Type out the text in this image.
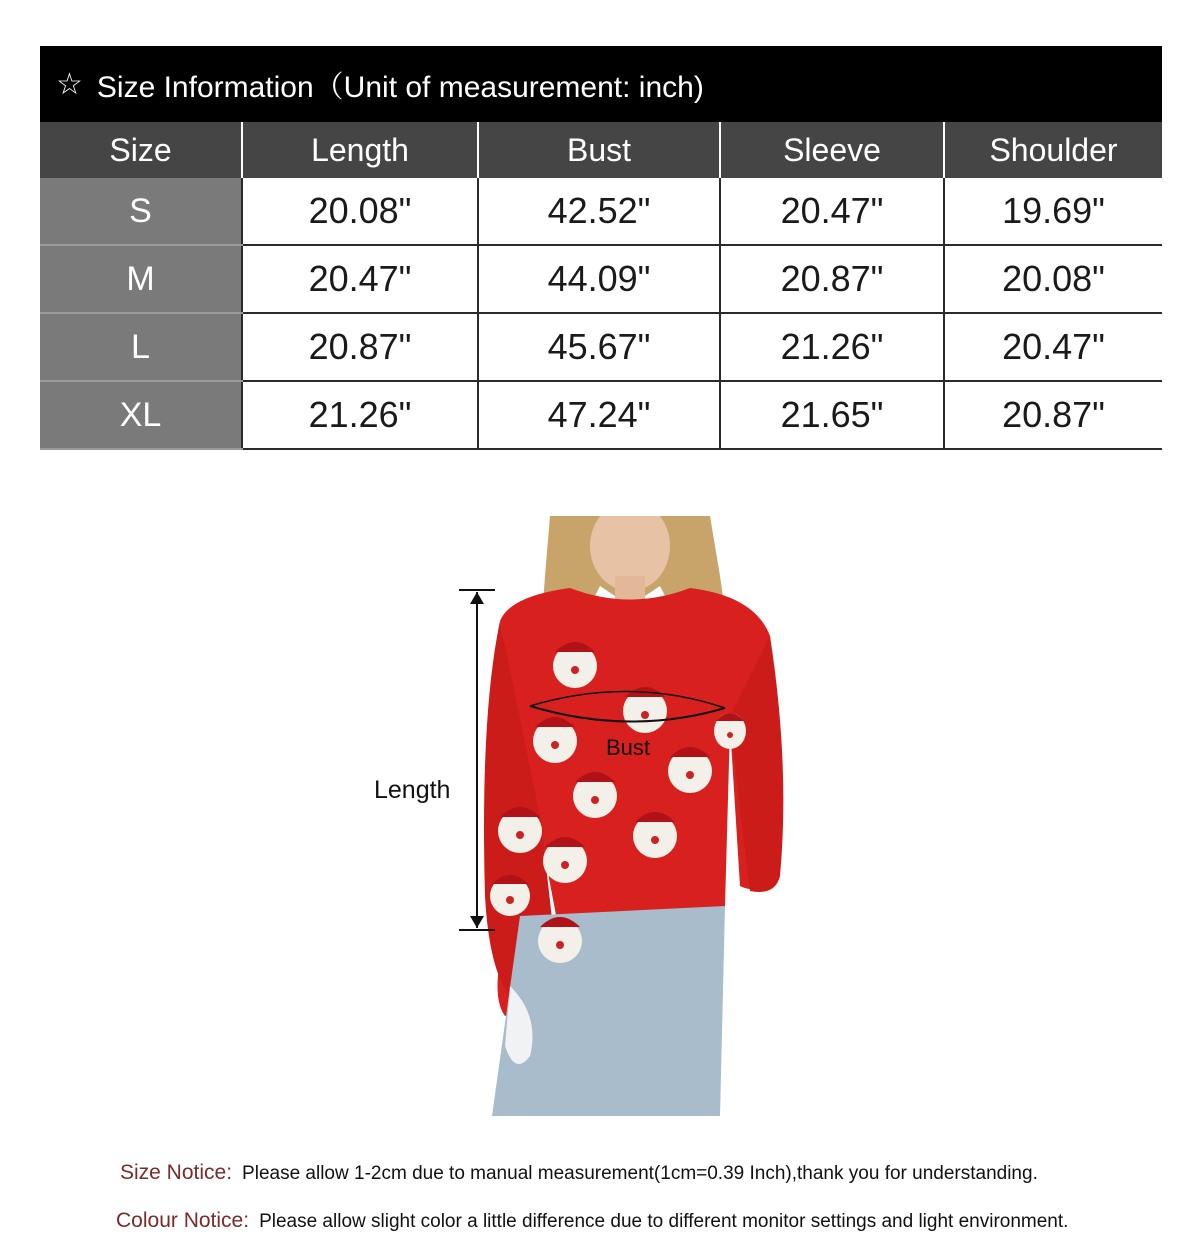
☆ Size Information（Unit of measurement: inch)
Size	Length	Bust	Sleeve	Shoulder
S	20.08"	42.52"	20.47"	19.69"
M	20.47"	44.09"	20.87"	20.08"
L	20.87"	45.67"	21.26"	20.47"
XL	21.26"	47.24"	21.65"	20.87"
Length
Bust
Size Notice: Please allow 1-2cm due to manual measurement(1cm=0.39 Inch),thank you for understanding.
Colour Notice: Please allow slight color a little difference due to different monitor settings and light environment.
